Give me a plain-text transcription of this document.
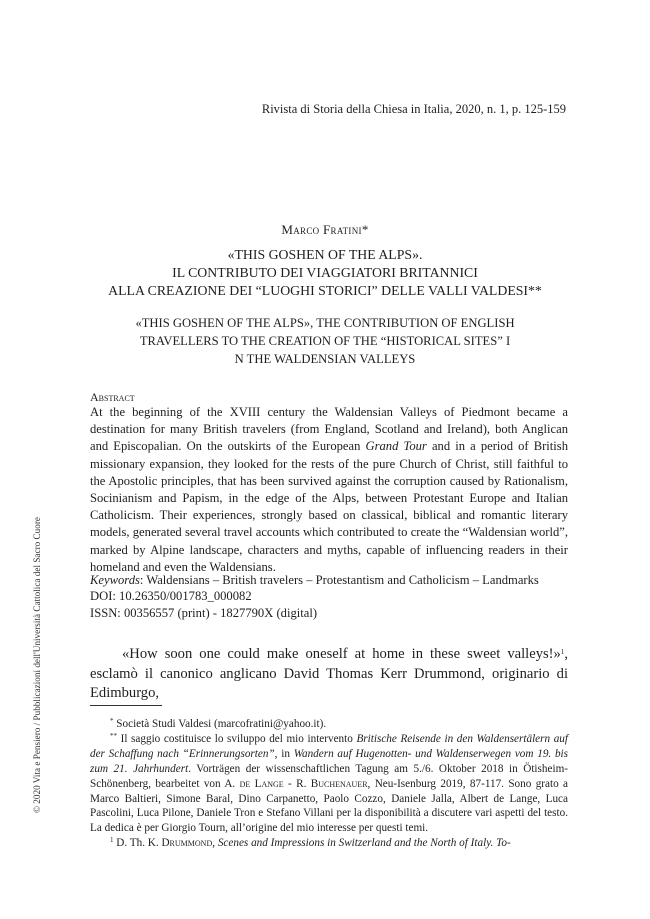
© 2020 Vita e Pensiero / Pubblicazioni dell'Università Cattolica del Sacro Cuore
Rivista di Storia della Chiesa in Italia, 2020, n. 1, p. 125-159
Marco Fratini*
«THIS GOSHEN OF THE ALPS».
IL CONTRIBUTO DEI VIAGGIATORI BRITANNICI
ALLA CREAZIONE DEI “LUOGHI STORICI” DELLE VALLI VALDESI**
«THIS GOSHEN OF THE ALPS», THE CONTRIBUTION OF ENGLISH
TRAVELLERS TO THE CREATION OF THE “HISTORICAL SITES” I
N THE WALDENSIAN VALLEYS
Abstract
At the beginning of the XVIII century the Waldensian Valleys of Piedmont became a destination for many British travelers (from England, Scotland and Ireland), both Anglican and Episcopalian. On the outskirts of the European Grand Tour and in a period of British missionary expansion, they looked for the rests of the pure Church of Christ, still faithful to the Apostolic principles, that has been survived against the corruption caused by Rationalism, Socinianism and Papism, in the edge of the Alps, between Protestant Europe and Italian Catholicism. Their experiences, strongly based on classical, biblical and romantic literary models, generated several travel accounts which contributed to create the “Waldensian world”, marked by Alpine landscape, characters and myths, capable of influencing readers in their homeland and even the Waldensians.
Keywords: Waldensians – British travelers – Protestantism and Catholicism – Landmarks
DOI: 10.26350/001783_000082
ISSN: 00356557 (print) - 1827790X (digital)

«How soon one could make oneself at home in these sweet valleys!»$^1$, esclamò il canonico anglicano David Thomas Kerr Drummond, originario di Edimburgo,

* Società Studi Valdesi (marcofratini@yahoo.it).

** Il saggio costituisce lo sviluppo del mio intervento Britische Reisende in den Waldensertälern auf der Schaffung nach “Erinnerungsorten”, in Wandern auf Hugenotten- und Waldenserwegen vom 19. bis zum 21. Jahrhundert. Vorträgen der wissenschaftlichen Tagung am 5./6. Oktober 2018 in Ötisheim-Schönenberg, bearbeitet von A. de Lange - R. Buchenauer, Neu-Isenburg 2019, 87-117. Sono grato a Marco Baltieri, Simone Baral, Dino Carpanetto, Paolo Cozzo, Daniele Jalla, Albert de Lange, Luca Pascolini, Luca Pilone, Daniele Tron e Stefano Villani per la disponibilità a discutere vari aspetti del testo. La dedica è per Giorgio Tourn, all’origine del mio interesse per questi temi.

$^1$ D. Th. K. Drummond, Scenes and Impressions in Switzerland and the North of Italy. To-
